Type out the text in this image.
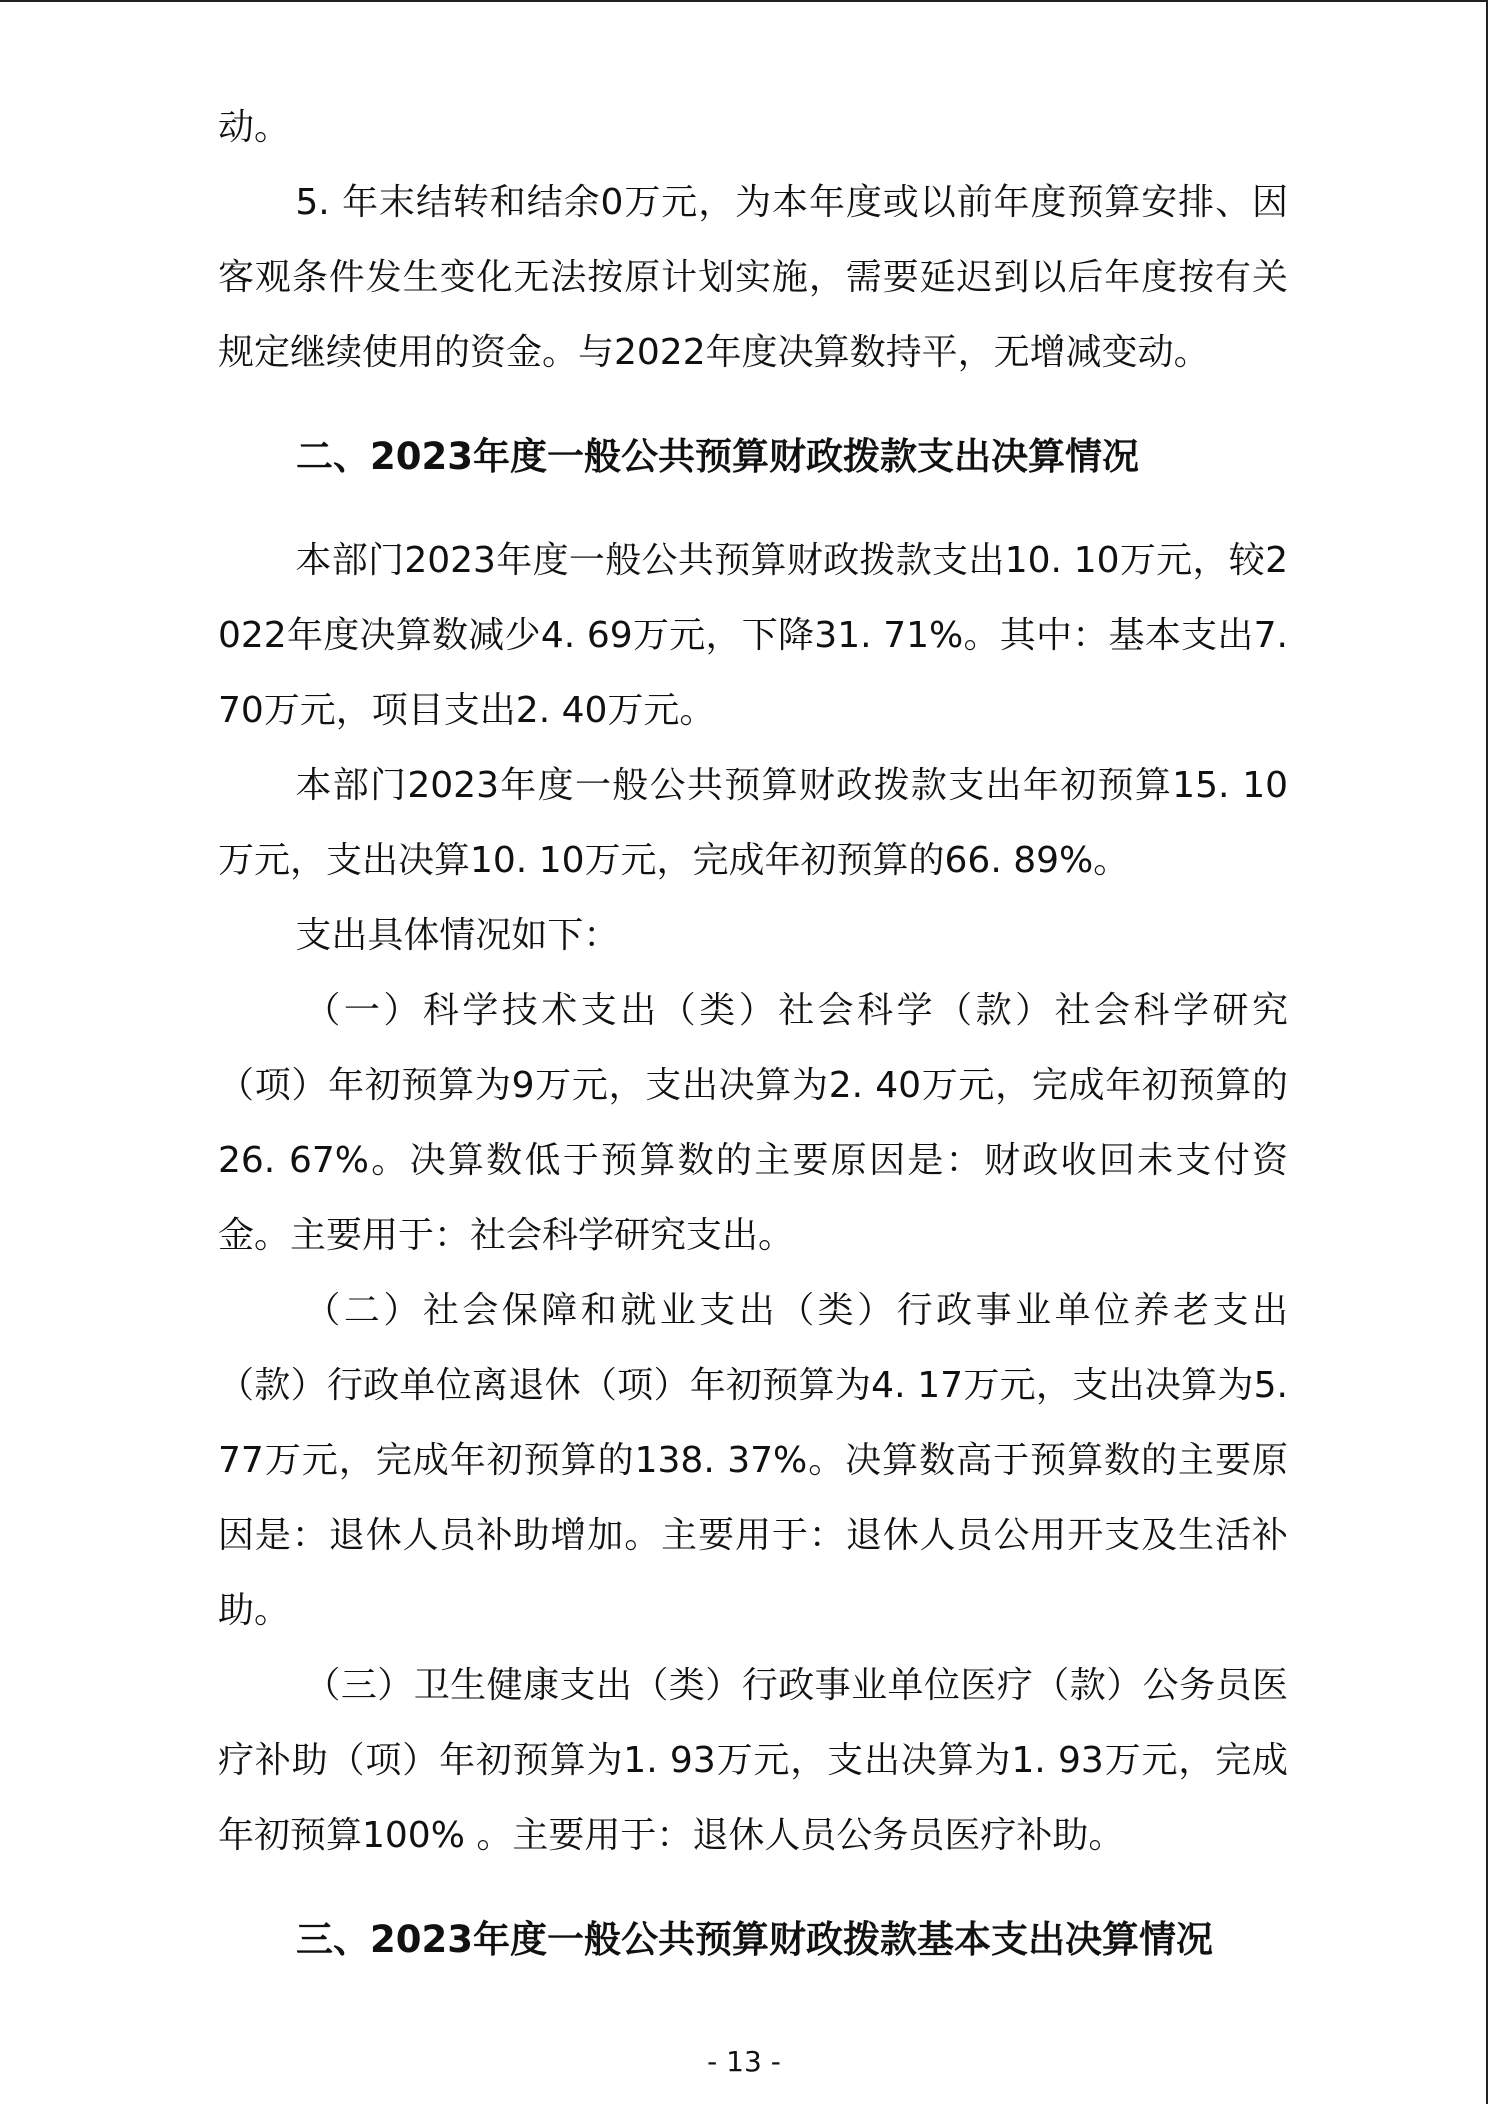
动。

5. 年末结转和结余0万元，为本年度或以前年度预算安排、因客观条件发生变化无法按原计划实施，需要延迟到以后年度按有关规定继续使用的资金。与2022年度决算数持平，无增减变动。

二、2023年度一般公共预算财政拨款支出决算情况

本部门2023年度一般公共预算财政拨款支出10. 10万元，较2022年度决算数减少4. 69万元，下降31. 71%。其中：基本支出7. 70万元，项目支出2. 40万元。

本部门2023年度一般公共预算财政拨款支出年初预算15. 10万元，支出决算10. 10万元，完成年初预算的66. 89%。

支出具体情况如下：

（一）科学技术支出（类）社会科学（款）社会科学研究（项）年初预算为9万元，支出决算为2. 40万元，完成年初预算的26. 67%。决算数低于预算数的主要原因是：财政收回未支付资金。主要用于：社会科学研究支出。

（二）社会保障和就业支出（类）行政事业单位养老支出（款）行政单位离退休（项）年初预算为4. 17万元，支出决算为5. 77万元，完成年初预算的138. 37%。决算数高于预算数的主要原因是：退休人员补助增加。主要用于：退休人员公用开支及生活补助。

（三）卫生健康支出（类）行政事业单位医疗（款）公务员医疗补助（项）年初预算为1. 93万元，支出决算为1. 93万元，完成年初预算100% 。主要用于：退休人员公务员医疗补助。

三、2023年度一般公共预算财政拨款基本支出决算情况
- 13 -
